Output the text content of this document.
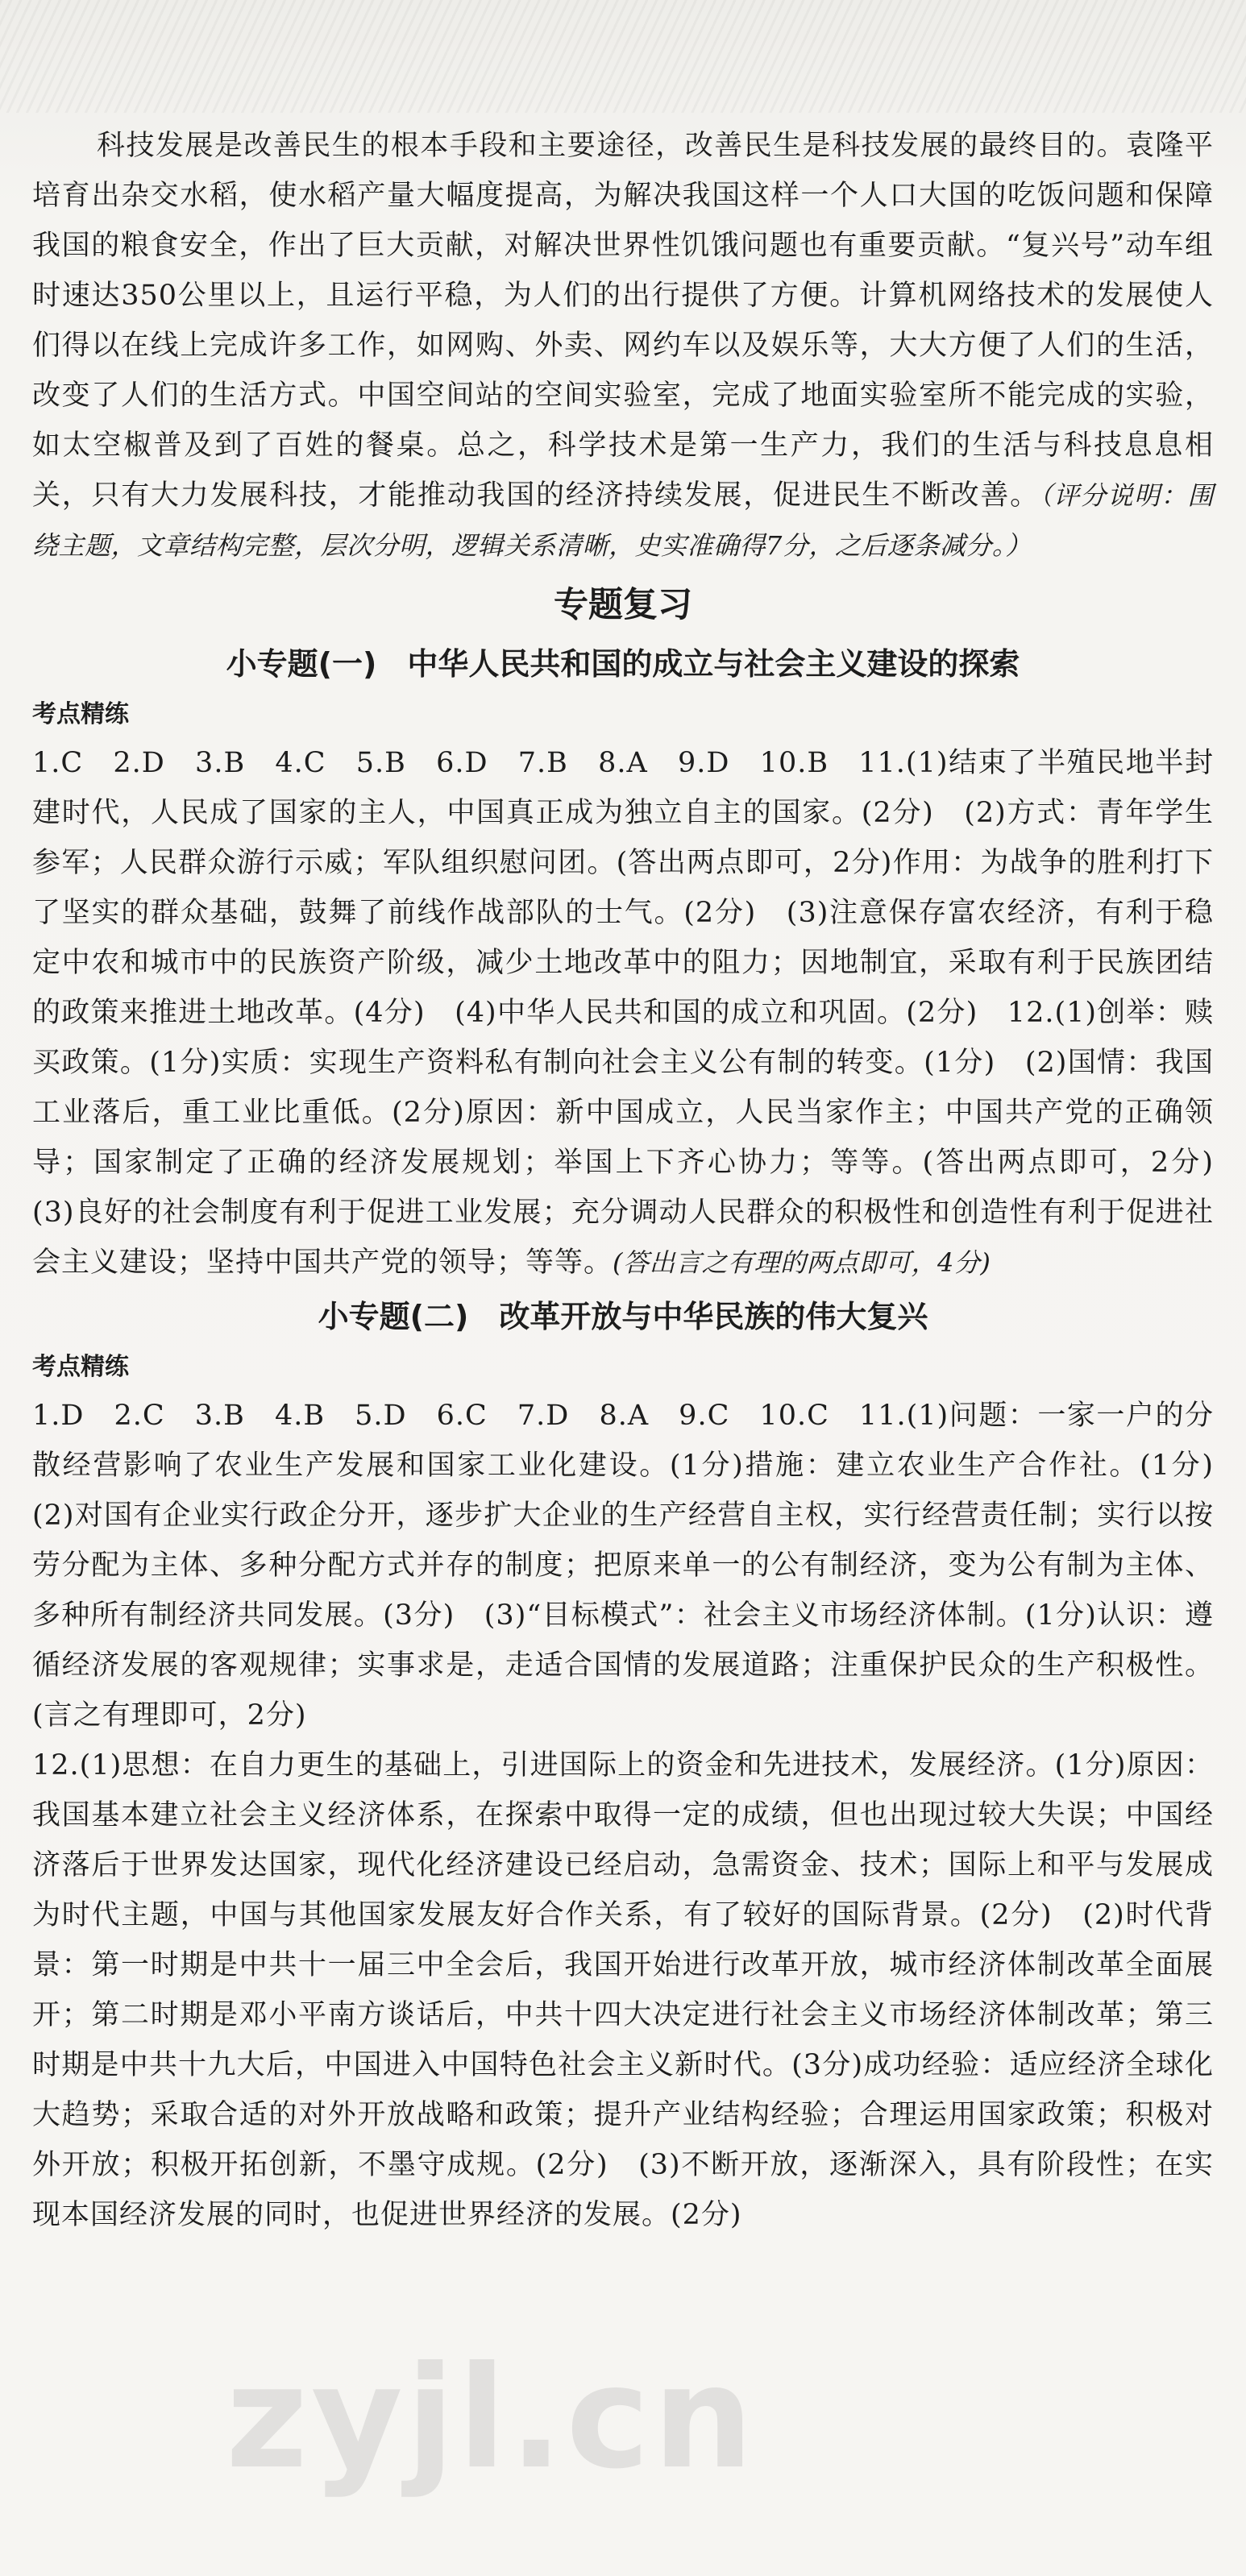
科技发展是改善民生的根本手段和主要途径，改善民生是科技发展的最终目的。袁隆平培育出杂交水稻，使水稻产量大幅度提高，为解决我国这样一个人口大国的吃饭问题和保障我国的粮食安全，作出了巨大贡献，对解决世界性饥饿问题也有重要贡献。“复兴号”动车组时速达350公里以上，且运行平稳，为人们的出行提供了方便。计算机网络技术的发展使人们得以在线上完成许多工作，如网购、外卖、网约车以及娱乐等，大大方便了人们的生活，改变了人们的生活方式。中国空间站的空间实验室，完成了地面实验室所不能完成的实验，如太空椒普及到了百姓的餐桌。总之，科学技术是第一生产力，我们的生活与科技息息相关，只有大力发展科技，才能推动我国的经济持续发展，促进民生不断改善。（评分说明：围绕主题，文章结构完整，层次分明，逻辑关系清晰，史实准确得7分，之后逐条减分。）

专题复习
小专题(一)　中华人民共和国的成立与社会主义建设的探索
考点精练

1.C　2.D　3.B　4.C　5.B　6.D　7.B　8.A　9.D　10.B　11.(1)结束了半殖民地半封建时代，人民成了国家的主人，中国真正成为独立自主的国家。(2分)　(2)方式：青年学生参军；人民群众游行示威；军队组织慰问团。(答出两点即可，2分)作用：为战争的胜利打下了坚实的群众基础，鼓舞了前线作战部队的士气。(2分)　(3)注意保存富农经济，有利于稳定中农和城市中的民族资产阶级，减少土地改革中的阻力；因地制宜，采取有利于民族团结的政策来推进土地改革。(4分)　(4)中华人民共和国的成立和巩固。(2分)　12.(1)创举：赎买政策。(1分)实质：实现生产资料私有制向社会主义公有制的转变。(1分)　(2)国情：我国工业落后，重工业比重低。(2分)原因：新中国成立，人民当家作主；中国共产党的正确领导；国家制定了正确的经济发展规划；举国上下齐心协力；等等。(答出两点即可，2分)　(3)良好的社会制度有利于促进工业发展；充分调动人民群众的积极性和创造性有利于促进社会主义建设；坚持中国共产党的领导；等等。(答出言之有理的两点即可，4分)

小专题(二)　改革开放与中华民族的伟大复兴
考点精练

1.D　2.C　3.B　4.B　5.D　6.C　7.D　8.A　9.C　10.C　11.(1)问题：一家一户的分散经营影响了农业生产发展和国家工业化建设。(1分)措施：建立农业生产合作社。(1分)　(2)对国有企业实行政企分开，逐步扩大企业的生产经营自主权，实行经营责任制；实行以按劳分配为主体、多种分配方式并存的制度；把原来单一的公有制经济，变为公有制为主体、多种所有制经济共同发展。(3分)　(3)“目标模式”：社会主义市场经济体制。(1分)认识：遵循经济发展的客观规律；实事求是，走适合国情的发展道路；注重保护民众的生产积极性。(言之有理即可，2分)

12.(1)思想：在自力更生的基础上，引进国际上的资金和先进技术，发展经济。(1分)原因：我国基本建立社会主义经济体系，在探索中取得一定的成绩，但也出现过较大失误；中国经济落后于世界发达国家，现代化经济建设已经启动，急需资金、技术；国际上和平与发展成为时代主题，中国与其他国家发展友好合作关系，有了较好的国际背景。(2分)　(2)时代背景：第一时期是中共十一届三中全会后，我国开始进行改革开放，城市经济体制改革全面展开；第二时期是邓小平南方谈话后，中共十四大决定进行社会主义市场经济体制改革；第三时期是中共十九大后，中国进入中国特色社会主义新时代。(3分)成功经验：适应经济全球化大趋势；采取合适的对外开放战略和政策；提升产业结构经验；合理运用国家政策；积极对外开放；积极开拓创新，不墨守成规。(2分)　(3)不断开放，逐渐深入，具有阶段性；在实现本国经济发展的同时，也促进世界经济的发展。(2分)

zyjl.cn
